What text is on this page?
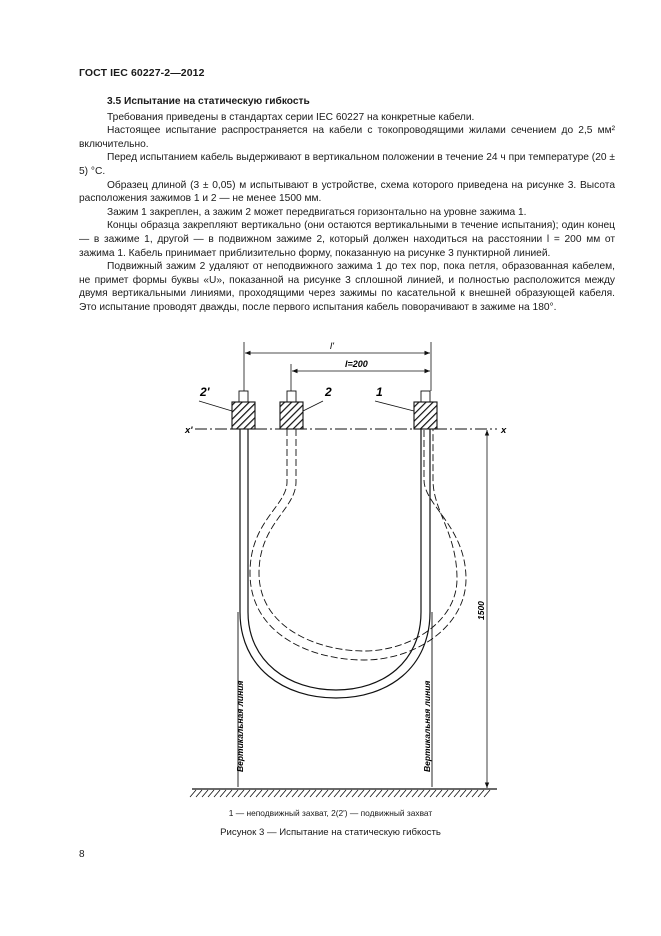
ГОСТ IEC 60227-2—2012

3.5 Испытание на статическую гибкость

Требования приведены в стандартах серии IEC 60227 на конкретные кабели.

Настоящее испытание распространяется на кабели с токопроводящими жилами сечением до 2,5 мм² включительно.

Перед испытанием кабель выдерживают в вертикальном положении в течение 24 ч при температуре (20 ± 5) °C.

Образец длиной (3 ± 0,05) м испытывают в устройстве, схема которого приведена на рисунке 3. Высота расположения зажимов 1 и 2 — не менее 1500 мм.

Зажим 1 закреплен, а зажим 2 может передвигаться горизонтально на уровне зажима 1.

Концы образца закрепляют вертикально (они остаются вертикальными в течение испытания); один конец — в зажиме 1, другой — в подвижном зажиме 2, который должен находиться на расстоянии l = 200 мм от зажима 1. Кабель принимает приблизительно форму, показанную на рисунке 3 пунктирной линией.

Подвижный зажим 2 удаляют от неподвижного зажима 1 до тех пор, пока петля, образованная кабелем, не примет формы буквы «U», показанной на рисунке 3 сплошной линией, и полностью расположится между двумя вертикальными линиями, проходящими через зажимы по касательной к внешней образующей кабеля. Это испытание проводят дважды, после первого испытания кабель поворачивают в зажиме на 180°.

l'
l=200
x'	x
2'	2	1
Вертикальная линия	Вертикальная линия
1500
1 — неподвижный захват, 2(2') — подвижный захват
Рисунок 3 — Испытание на статическую гибкость
8
